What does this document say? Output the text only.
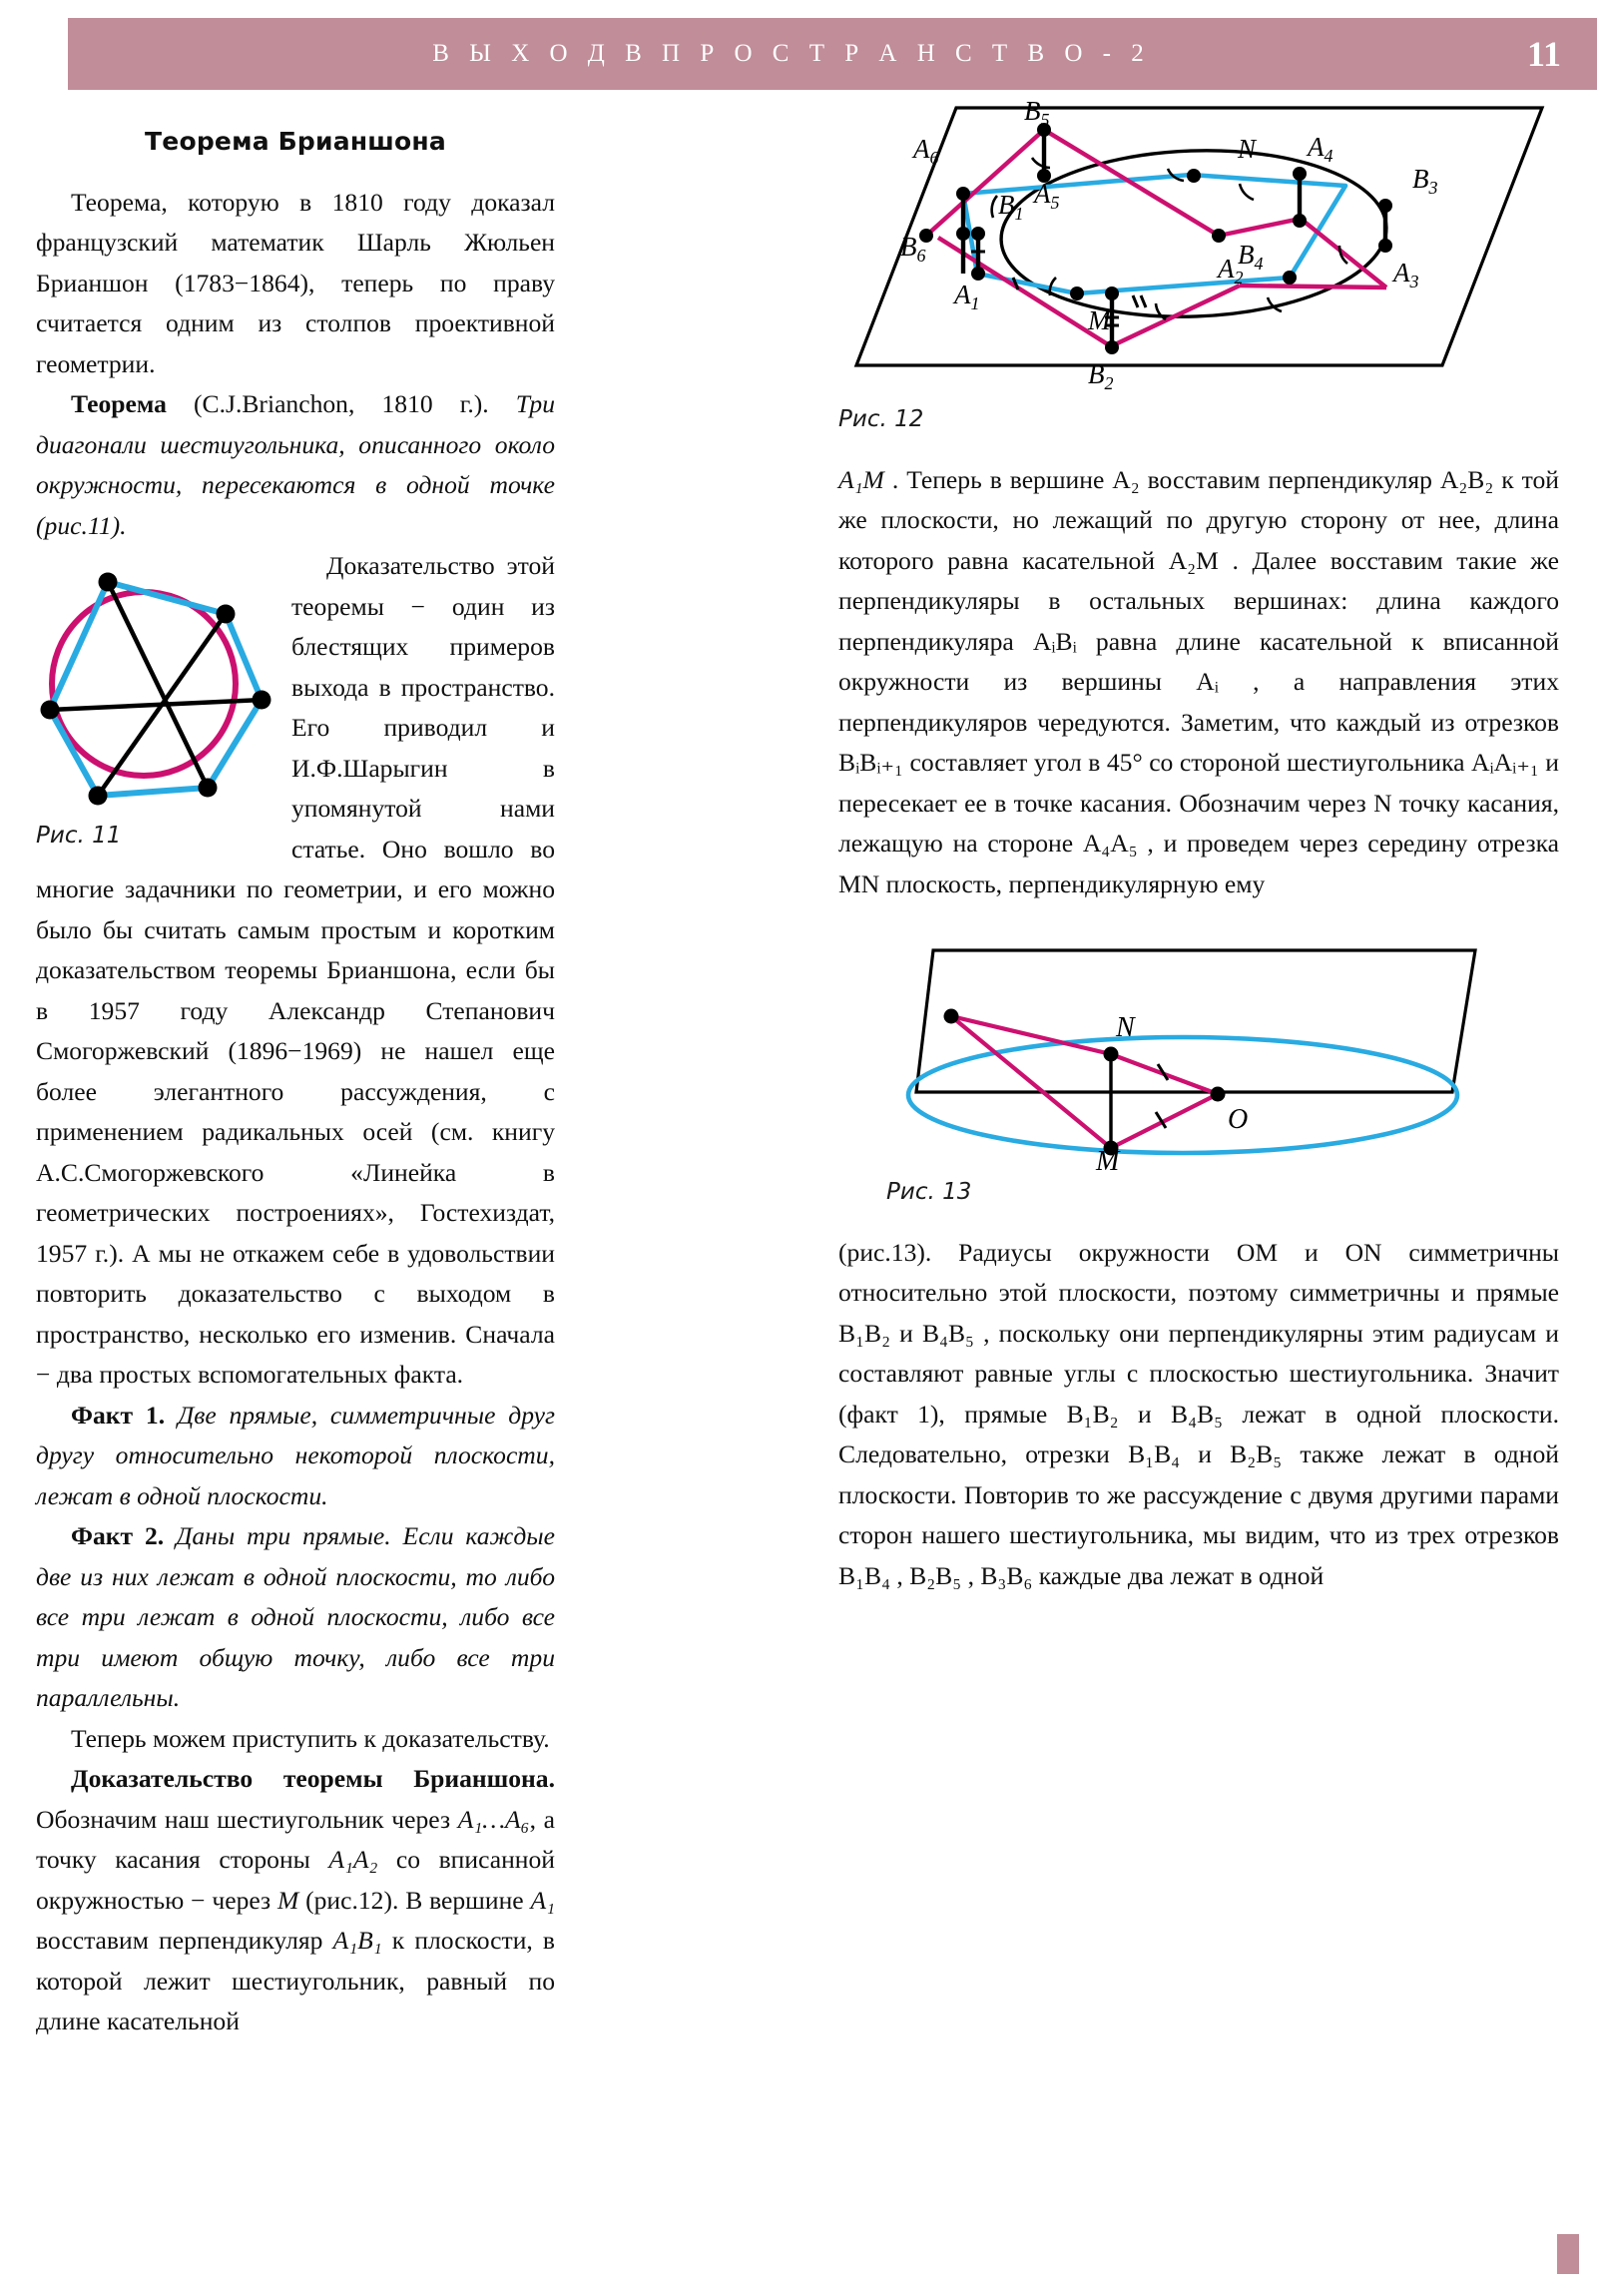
В Ы Х О Д В П Р О С Т Р А Н С Т В О - 2	11

Теорема Брианшона

Теорема, которую в 1810 году доказал французский математик Шарль Жюльен Брианшон (1783−1864), теперь по праву считается одним из столпов проективной геометрии.

Теорема (C.J.Brianchon, 1810 г.). Три диагонали шестиугольника, описанного около окружности, пересекаются в одной точке (рис.11).

Рис. 11

Доказательство этой теоремы − один из блестящих примеров выхода в пространство. Его приводил и И.Ф.Шарыгин в упомянутой нами статье. Оно вошло во многие задачники по геометрии, и его можно было бы считать самым простым и коротким доказательством теоремы Брианшона, если бы в 1957 году Александр Степанович Смогоржевский (1896−1969) не нашел еще более элегантного рассуждения, с применением радикальных осей (см. книгу А.С.Смогоржевского «Линейка в геометрических построениях», Гостехиздат, 1957 г.). А мы не откажем себе в удовольствии повторить доказательство с выходом в пространство, несколько его изменив. Сначала − два простых вспомогательных факта.

Факт 1. Две прямые, симметричные друг другу относительно некоторой плоскости, лежат в одной плоскости.

Факт 2. Даны три прямые. Если каждые две из них лежат в одной плоскости, то либо все три лежат в одной плоскости, либо все три имеют общую точку, либо все три параллельны.

Теперь можем приступить к доказательству.

Доказательство теоремы Брианшона. Обозначим наш шестиугольник через A₁…A₆, а точку касания стороны A₁A₂ со вписанной окружностью − через M (рис.12). В вершине A₁ восставим перпендикуляр A₁B₁ к плоскости, в которой лежит шестиугольник, равный по длине касательной

$B_5$
N $A_4$
$A_6$
$A_5$
$B_3$
$B_1$
$B_4$
$B_6$
$A_1$
M
$A_2$	$A_3$
$B_2$
Рис. 12

A₁M . Теперь в вершине A₂ восставим перпендикуляр A₂B₂ к той же плоскости, но лежащий по другую сторону от нее, длина которого равна касательной A₂M . Далее восставим такие же перпендикуляры в остальных вершинах: длина каждого перпендикуляра AᵢBᵢ равна длине касательной к вписанной окружности из вершины Aᵢ , а направления этих перпендикуляров чередуются. Заметим, что каждый из отрезков BᵢBᵢ₊₁ составляет угол в 45° со стороной шестиугольника AᵢAᵢ₊₁ и пересекает ее в точке касания. Обозначим через N точку касания, лежащую на стороне A₄A₅ , и проведем через середину отрезка MN плоскость, перпендикулярную ему

N
O
M
Рис. 13

(рис.13). Радиусы окружности OM и ON симметричны относительно этой плоскости, поэтому симметричны и прямые B₁B₂ и B₄B₅ , поскольку они перпендикулярны этим радиусам и составляют равные углы с плоскостью шестиугольника. Значит (факт 1), прямые B₁B₂ и B₄B₅ лежат в одной плоскости. Следовательно, отрезки B₁B₄ и B₂B₅ также лежат в одной плоскости. Повторив то же рассуждение с двумя другими парами сторон нашего шестиугольника, мы видим, что из трех отрезков B₁B₄ , B₂B₅ , B₃B₆ каждые два лежат в одной
